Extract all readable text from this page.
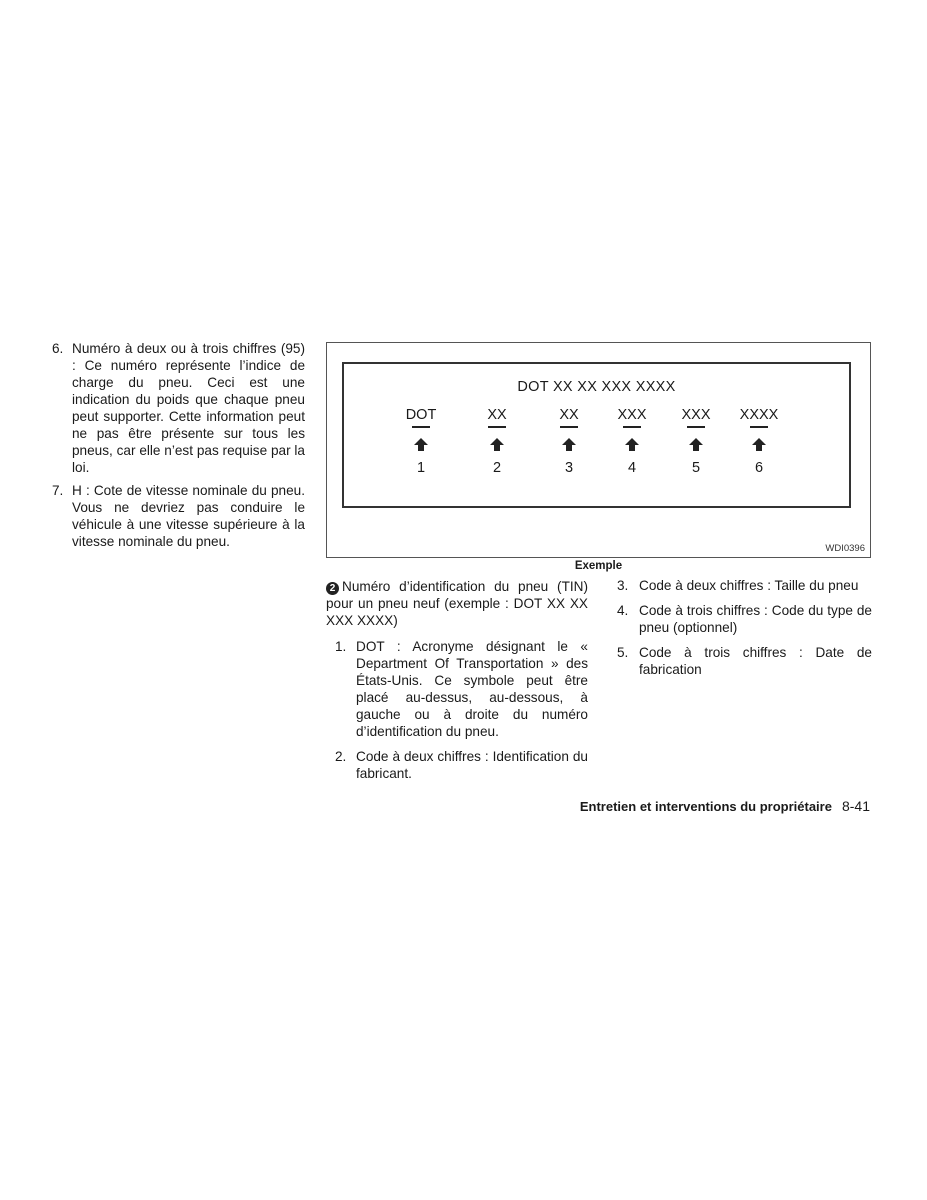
6. Numéro à deux ou à trois chiffres (95) : Ce numéro représente l’indice de charge du pneu. Ceci est une indication du poids que chaque pneu peut supporter. Cette information peut ne pas être présente sur tous les pneus, car elle n’est pas requise par la loi.
7. H : Cote de vitesse nominale du pneu. Vous ne devriez pas conduire le véhicule à une vitesse supérieure à la vitesse nominale du pneu.
DOT XX XX XXX XXXX
DOT
1
XX
2
XX
3
XXX
4
XXX
5
XXXX
6
WDI0396
Exemple

2 Numéro d’identification du pneu (TIN) pour un pneu neuf (exemple : DOT XX XX XXX XXXX)

1. DOT : Acronyme désignant le « Department Of Transportation » des États-Unis. Ce symbole peut être placé au-dessus, au-dessous, à gauche ou à droite du numéro d’identification du pneu.
2. Code à deux chiffres : Identification du fabricant.
3. Code à deux chiffres : Taille du pneu
4. Code à trois chiffres : Code du type de pneu (optionnel)
5. Code à trois chiffres : Date de fabrication
Entretien et interventions du propriétaire 8-41
